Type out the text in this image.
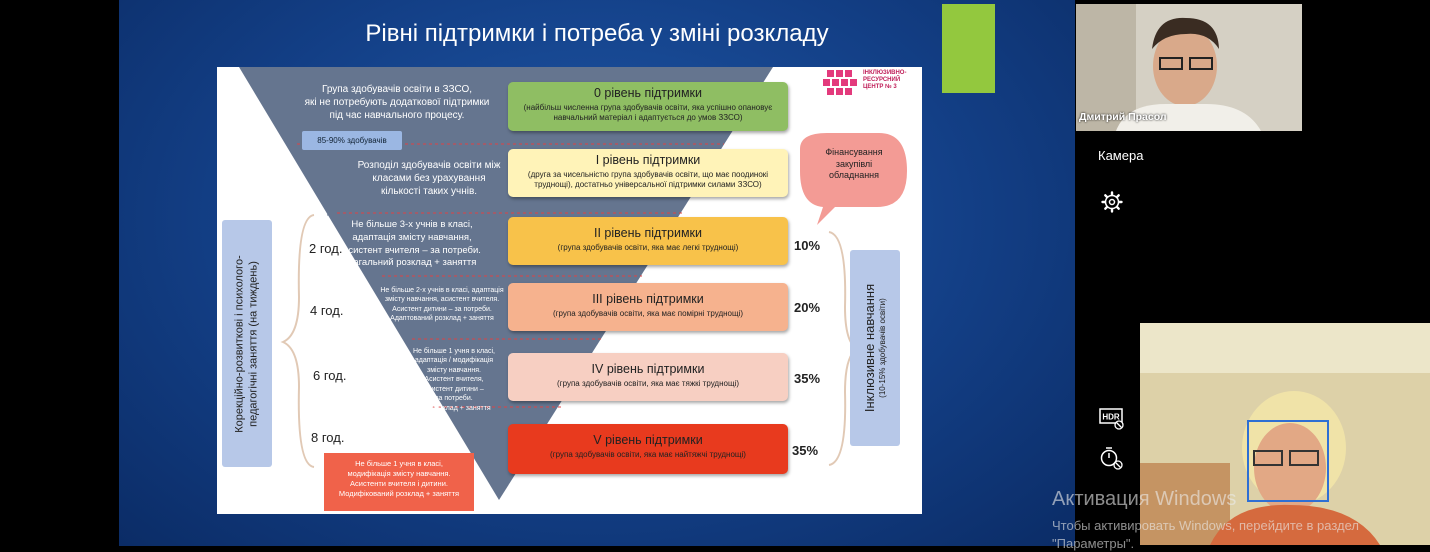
Рівні підтримки і потреба у зміні розкладу
ІНКЛЮЗИВНО-
РЕСУРСНИЙ
ЦЕНТР № 3
Група здобувачів освіти в ЗЗСО,
які не потребують додаткової підтримки
під час навчального процесу.
85-90% здобувачів
Розподіл здобувачів освіти між
класами без урахування
кількості таких учнів.
0 рівень підтримки
(найбільш численна група здобувачів освіти, яка успішно опановує навчальний матеріал і адаптується до умов ЗЗСО)
І рівень підтримки
(друга за чисельністю група здобувачів освіти, що має поодинокі труднощі), достатньо універсальної підтримки силами ЗЗСО)
ІІ рівень підтримки
(група здобувачів освіти, яка має легкі труднощі)
ІІІ рівень підтримки
(група здобувачів освіти, яка має помірні труднощі)
ІV рівень підтримки
(група здобувачів освіти, яка має тяжкі труднощі)
V рівень підтримки
(група здобувачів освіти, яка має найтяжчі труднощі)
Фінансування
закупівлі
обладнання
Корекційно-розвиткові і психолого- педагогічні заняття (на тиждень)	Інклюзивне навчання (10-15% здобувачів освіти)
2 год.
4 год.
6 год.
8 год.
10%
20%
35%
35%
Не більше 3-х учнів в класі,
адаптація змісту навчання,
асистент вчителя – за потреби.
Загальний розклад + заняття
Не більше 2-х учнів в класі, адаптація
змісту навчання, асистент вчителя.
Асистент дитини – за потреби.
Адаптований розклад + заняття
Не більше 1 учня в класі,
адаптація / модифікація
змісту навчання.
Асистент вчителя,
асистент дитини –
за потреби.
А/М розклад + заняття
Не більше 1 учня в класі,
модифікація змісту навчання.
Асистенти вчителя і дитини.
Модифікований розклад + заняття
Дмитрий Прасол
Камера
HDR
Активация Windows
Чтобы активировать Windows, перейдите в раздел "Параметры".
